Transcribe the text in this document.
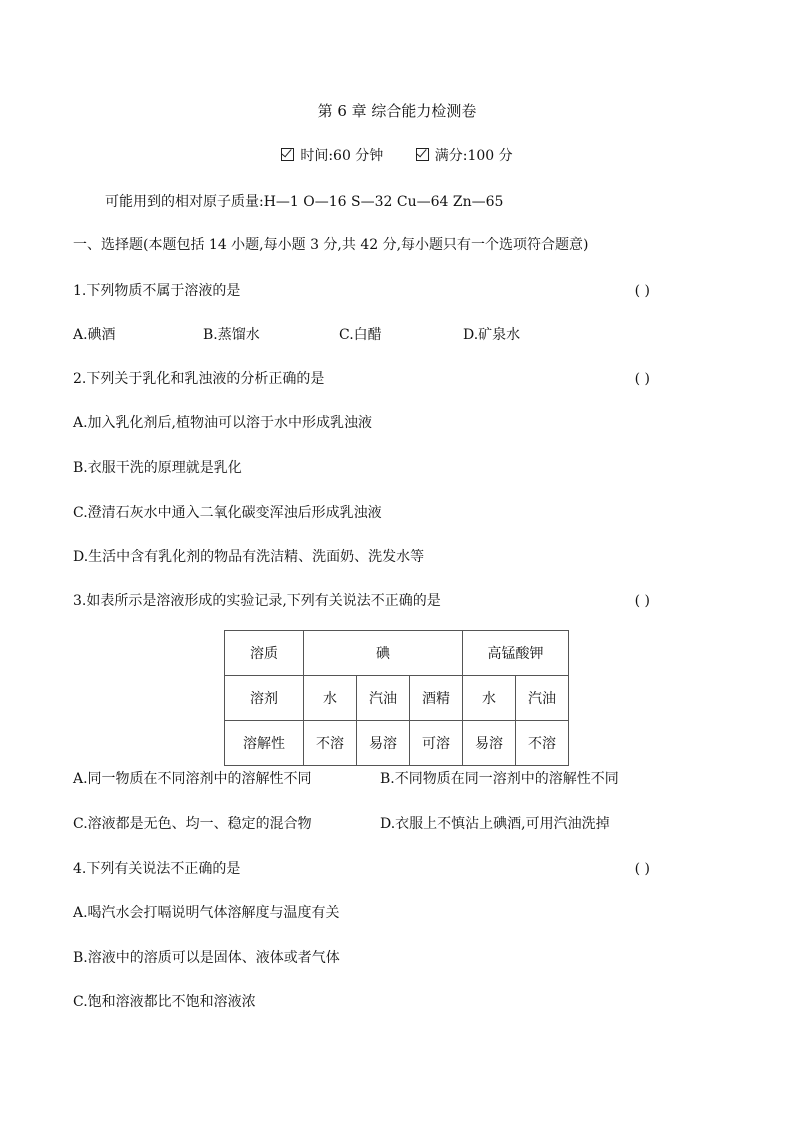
第 6 章 综合能力检测卷
时间:60 分钟	满分:100 分
可能用到的相对原子质量:H—1 O—16 S—32 Cu—64 Zn—65
一、选择题(本题包括 14 小题,每小题 3 分,共 42 分,每小题只有一个选项符合题意)
1.下列物质不属于溶液的是	( )
A.碘酒	B.蒸馏水	C.白醋	D.矿泉水
2.下列关于乳化和乳浊液的分析正确的是	( )
A.加入乳化剂后,植物油可以溶于水中形成乳浊液
B.衣服干洗的原理就是乳化
C.澄清石灰水中通入二氧化碳变浑浊后形成乳浊液
D.生活中含有乳化剂的物品有洗洁精、洗面奶、洗发水等
3.如表所示是溶液形成的实验记录,下列有关说法不正确的是	( )
溶质	碘			高锰酸钾	
溶剂	水	汽油	酒精	水	汽油
溶解性	不溶	易溶	可溶	易溶	不溶
A.同一物质在不同溶剂中的溶解性不同	B.不同物质在同一溶剂中的溶解性不同
C.溶液都是无色、均一、稳定的混合物	D.衣服上不慎沾上碘酒,可用汽油洗掉
4.下列有关说法不正确的是	( )
A.喝汽水会打嗝说明气体溶解度与温度有关
B.溶液中的溶质可以是固体、液体或者气体
C.饱和溶液都比不饱和溶液浓
